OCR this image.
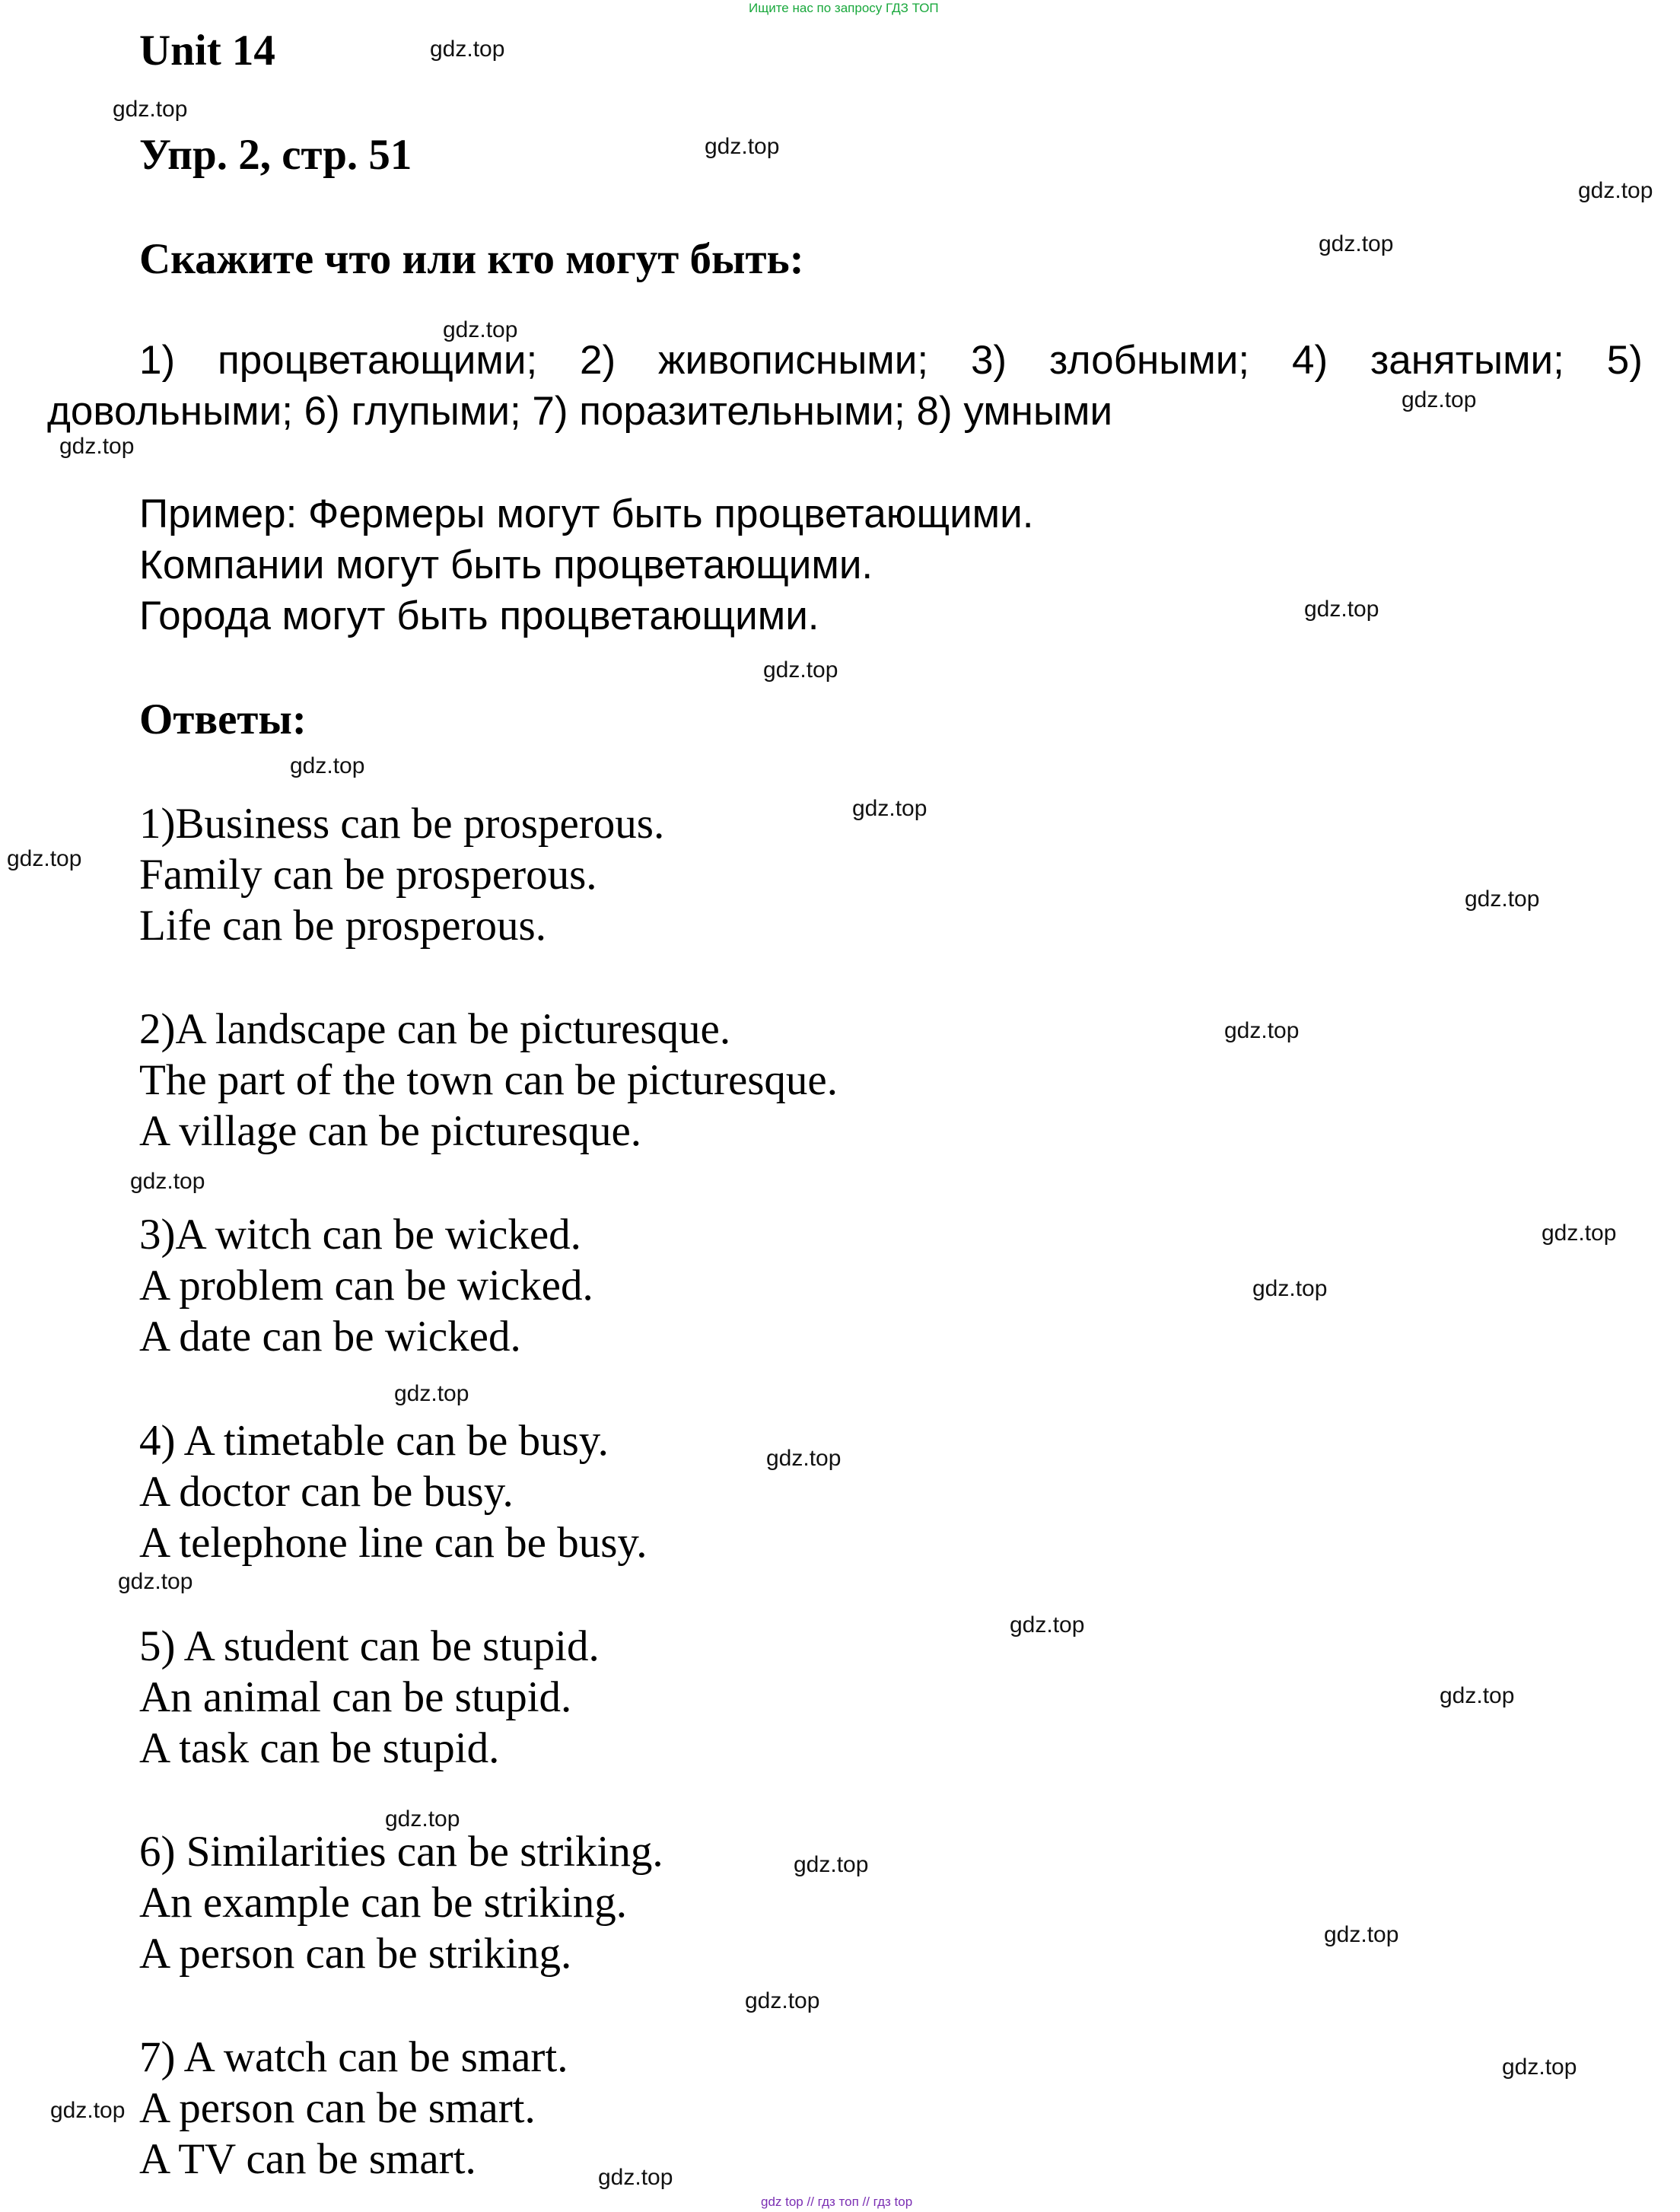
Ищите нас по запросу ГДЗ ТОП
Unit 14
Упр. 2, стр. 51
Скажите что или кто могут быть:
1) процветающими; 2) живописными; 3) злобными; 4) занятыми; 5)
довольными; 6) глупыми; 7) поразительными; 8) умными
Пример: Фермеры могут быть процветающими.
Компании могут быть процветающими.
Города могут быть процветающими.
Ответы:
1)Business can be prosperous.
Family can be prosperous.
Life can be prosperous.
2)A landscape can be picturesque.
The part of the town can be picturesque.
A village can be picturesque.
3)A witch can be wicked.
A problem can be wicked.
A date can be wicked.
4) A timetable can be busy.
A doctor can be busy.
A telephone line can be busy.
5) A student can be stupid.
An animal can be stupid.
A task can be stupid.
6) Similarities can be striking.
An example can be striking.
A person can be striking.
7) A watch can be smart.
A person can be smart.
A TV can be smart.
gdz.top
gdz.top
gdz.top
gdz.top
gdz.top
gdz.top
gdz.top
gdz.top
gdz.top
gdz.top
gdz.top
gdz.top
gdz.top
gdz.top
gdz.top
gdz.top
gdz.top
gdz.top
gdz.top
gdz.top
gdz.top
gdz.top
gdz.top
gdz.top
gdz.top
gdz.top
gdz.top
gdz.top
gdz.top
gdz.top
gdz top // гдз топ // гдз top
